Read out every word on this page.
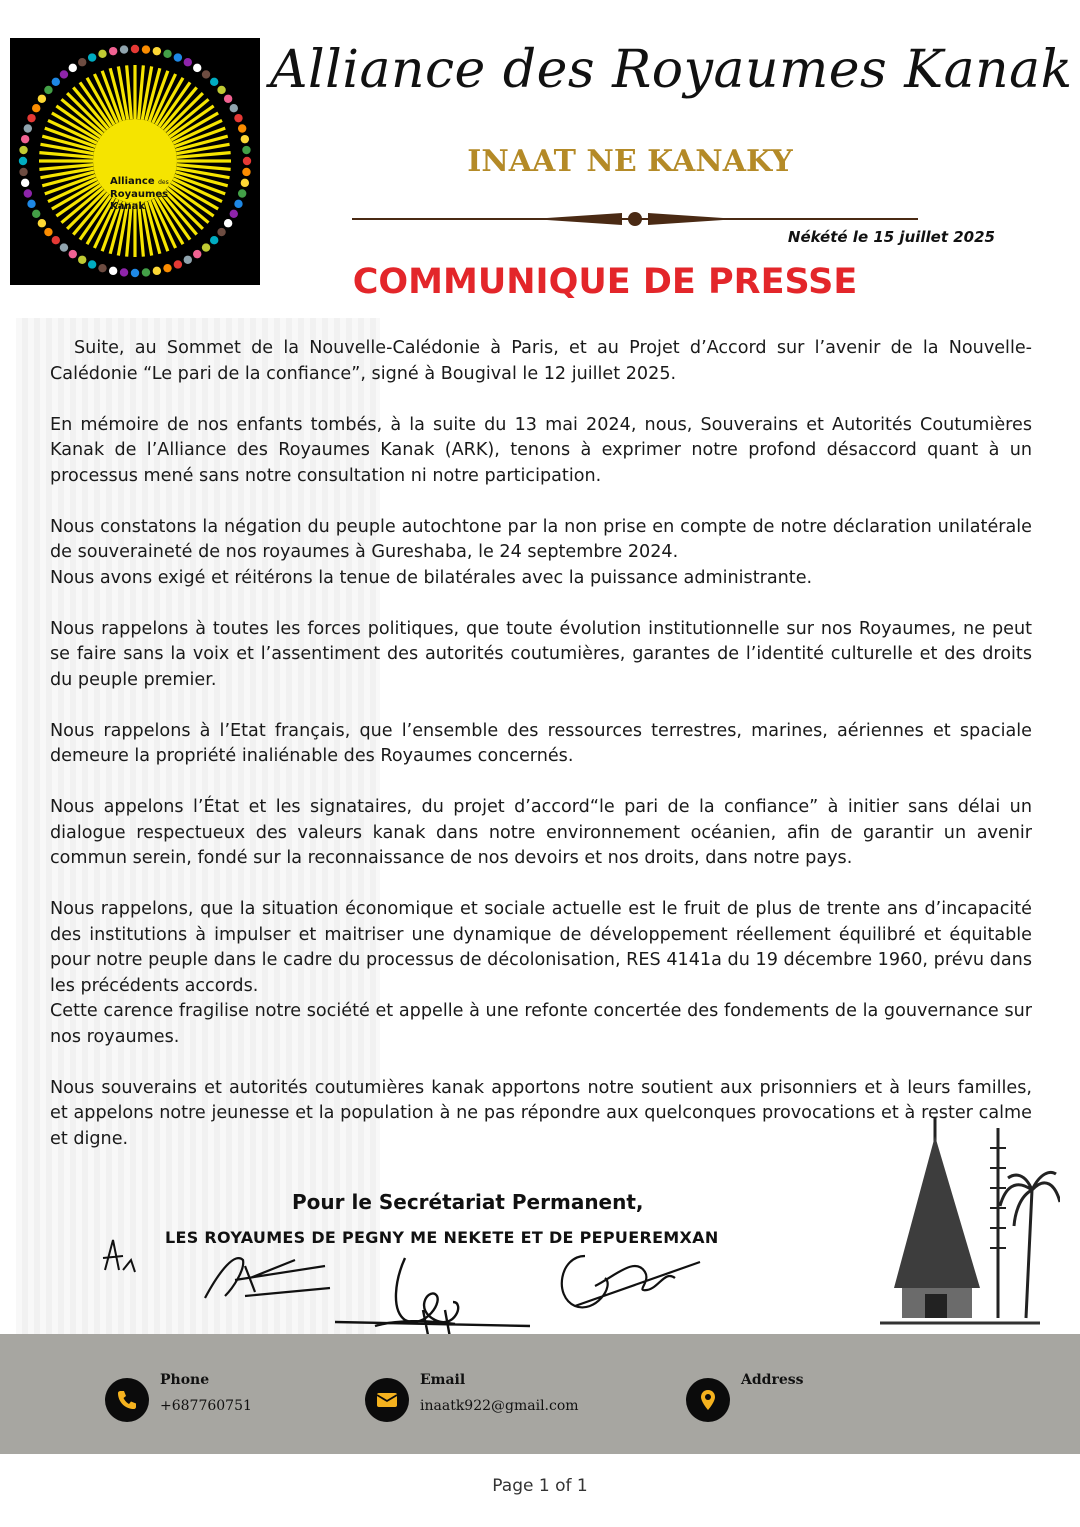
Alliance des
Royaumes
Kanak
Alliance des Royaumes Kanak
INAAT NE KANAKY
Nékété le 15 juillet 2025
COMMUNIQUE DE PRESSE

Suite, au Sommet de la Nouvelle-Calédonie à Paris, et au Projet d’Accord sur l’avenir de la Nouvelle-Calédonie “Le pari de la confiance”, signé à Bougival le 12 juillet 2025.

En mémoire de nos enfants tombés, à la suite du 13 mai 2024, nous, Souverains et Autorités Coutumières Kanak de l’Alliance des Royaumes Kanak (ARK), tenons à exprimer notre profond désaccord quant à un processus mené sans notre consultation ni notre participation.

Nous constatons la négation du peuple autochtone par la non prise en compte de notre déclaration unilatérale de souveraineté de nos royaumes à Gureshaba, le 24 septembre 2024.

Nous avons exigé et réitérons la tenue de bilatérales avec la puissance administrante.

Nous rappelons à toutes les forces politiques, que toute évolution institutionnelle sur nos Royaumes, ne peut se faire sans la voix et l’assentiment des autorités coutumières, garantes de l’identité culturelle et des droits du peuple premier.

Nous rappelons à l’Etat français, que l’ensemble des ressources terrestres, marines, aériennes et spaciale demeure la propriété inaliénable des Royaumes concernés.

Nous appelons l’État et les signataires, du projet d’accord“le pari de la confiance” à initier sans délai un dialogue respectueux des valeurs kanak dans notre environnement océanien, afin de garantir un avenir commun serein, fondé sur la reconnaissance de nos devoirs et nos droits, dans notre pays.

Nous rappelons, que la situation économique et sociale actuelle est le fruit de plus de trente ans d’incapacité des institutions à impulser et maitriser une dynamique de développement réellement équilibré et équitable pour notre peuple dans le cadre du processus de décolonisation, RES 4141a du 19 décembre 1960, prévu dans les précédents accords.

Cette carence fragilise notre société et appelle à une refonte concertée des fondements de la gouvernance sur nos royaumes.

Nous souverains et autorités coutumières kanak apportons notre soutient aux prisonniers et à leurs familles, et appelons notre jeunesse et la population à ne pas répondre aux quelconques provocations et à rester calme et digne.

Pour le Secrétariat Permanent,
LES ROYAUMES DE PEGNY ME NEKETE ET DE PEPUEREMXAN
Phone
+687760751
Email
inaatk922@gmail.com
Address
Page 1 of 1
